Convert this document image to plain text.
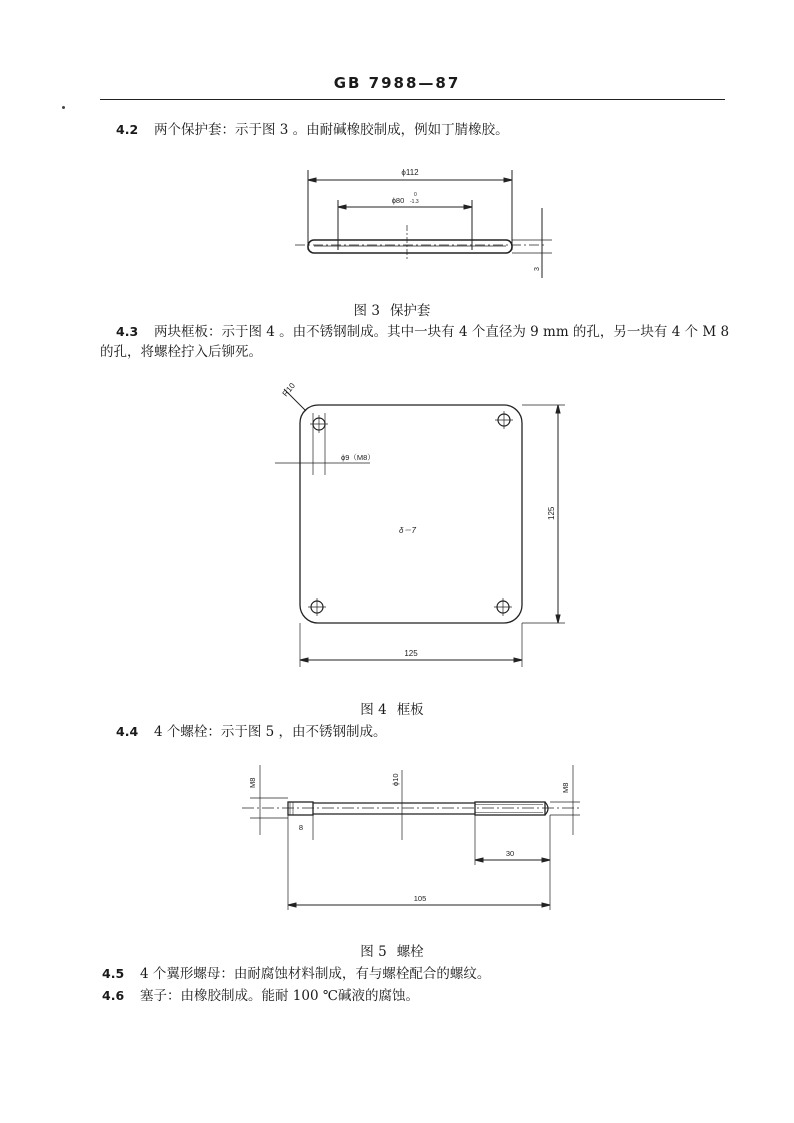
GB 7988—87
4.2 两个保护套：示于图 3 。由耐碱橡胶制成，例如丁腈橡胶。
ϕ112
ϕ80
0
-1.3
3
图 3 保护套
4.3 两块框板：示于图 4 。由不锈钢制成。其中一块有 4 个直径为 9 mm 的孔，另一块有 4 个 M 8
的孔，将螺栓拧入后铆死。
R10
ϕ9（M8）
δ＝7
125
125
图 4 框板
4.4 4 个螺栓：示于图 5 ，由不锈钢制成。
M8	ϕ10
M8
8
30
105
图 5 螺栓
4.5 4 个翼形螺母：由耐腐蚀材料制成，有与螺栓配合的螺纹。
4.6 塞子：由橡胶制成。能耐 100 ℃碱液的腐蚀。
